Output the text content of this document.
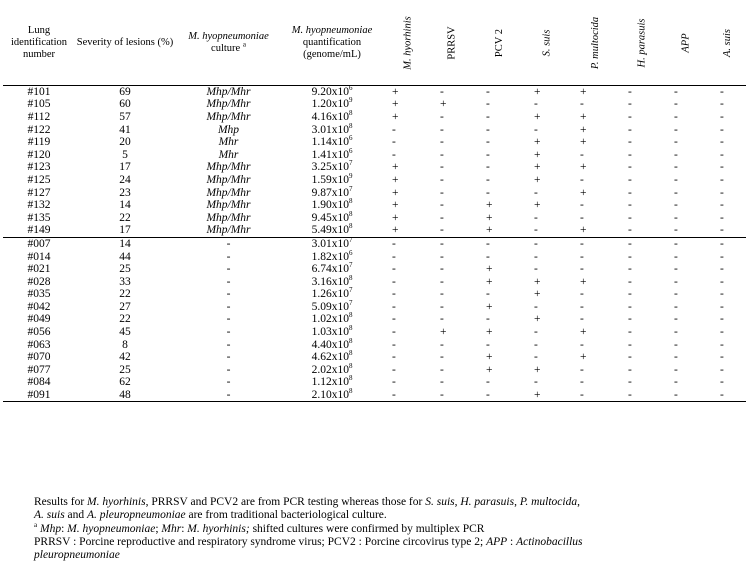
Lung identification number	Severity of lesions (%)	M. hyopneumoniae
culture $^a$	M. hyopneumoniae
quantification (genome/mL)	M. hyorhinis	PRRSV	PCV 2	S. suis	P. multocida	H. parasuis	APP	A. suis
#101	69	Mhp/Mhr	$9.20x10^6$	+	-	-	+	+	-	-	-
#105	60	Mhp/Mhr	$1.20x10^9$	+	+	-	-	-	-	-	-
#112	57	Mhp/Mhr	$4.16x10^8$	+	-	-	+	+	-	-	-
#122	41	Mhp	$3.01x10^8$	-	-	-	-	+	-	-	-
#119	20	Mhr	$1.14x10^6$	-	-	-	+	+	-	-	-
#120	5	Mhr	$1.41x10^6$	-	-	-	+	-	-	-	-
#123	17	Mhp/Mhr	$3.25x10^7$	+	-	-	+	+	-	-	-
#125	24	Mhp/Mhr	$1.59x10^9$	+	-	-	+	-	-	-	-
#127	23	Mhp/Mhr	$9.87x10^7$	+	-	-	-	+	-	-	-
#132	14	Mhp/Mhr	$1.90x10^8$	+	-	+	+	-	-	-	-
#135	22	Mhp/Mhr	$9.45x10^8$	+	-	+	-	-	-	-	-
#149	17	Mhp/Mhr	$5.49x10^8$	+	-	+	-	+	-	-	-
#007	14	-	$3.01x10^7$	-	-	-	-	-	-	-	-
#014	44	-	$1.82x10^6$	-	-	-	-	-	-	-	-
#021	25	-	$6.74x10^7$	-	-	+	-	-	-	-	-
#028	33	-	$3.16x10^8$	-	-	+	+	+	-	-	-
#035	22	-	$1.26x10^7$	-	-	-	+	-	-	-	-
#042	27	-	$5.09x10^7$	-	-	+	-	-	-	-	-
#049	22	-	$1.02x10^8$	-	-	-	+	-	-	-	-
#056	45	-	$1.03x10^8$	-	+	+	-	+	-	-	-
#063	8	-	$4.40x10^8$	-	-	-	-	-	-	-	-
#070	42	-	$4.62x10^8$	-	-	+	-	+	-	-	-
#077	25	-	$2.02x10^8$	-	-	+	+	-	-	-	-
#084	62	-	$1.12x10^8$	-	-	-	-	-	-	-	-
#091	48	-	$2.10x10^8$	-	-	-	+	-	-	-	-

Results for M. hyorhinis, PRRSV and PCV2 are from PCR testing whereas those for S. suis, H. parasuis, P. multocida,

A. suis and A. pleuropneumoniae are from traditional bacteriological culture.

$^a$ Mhp: M. hyopneumoniae; Mhr: M. hyorhinis; shifted cultures were confirmed by multiplex PCR

PRRSV : Porcine reproductive and respiratory syndrome virus; PCV2 : Porcine circovirus type 2; APP : Actinobacillus

pleuropneumoniae
